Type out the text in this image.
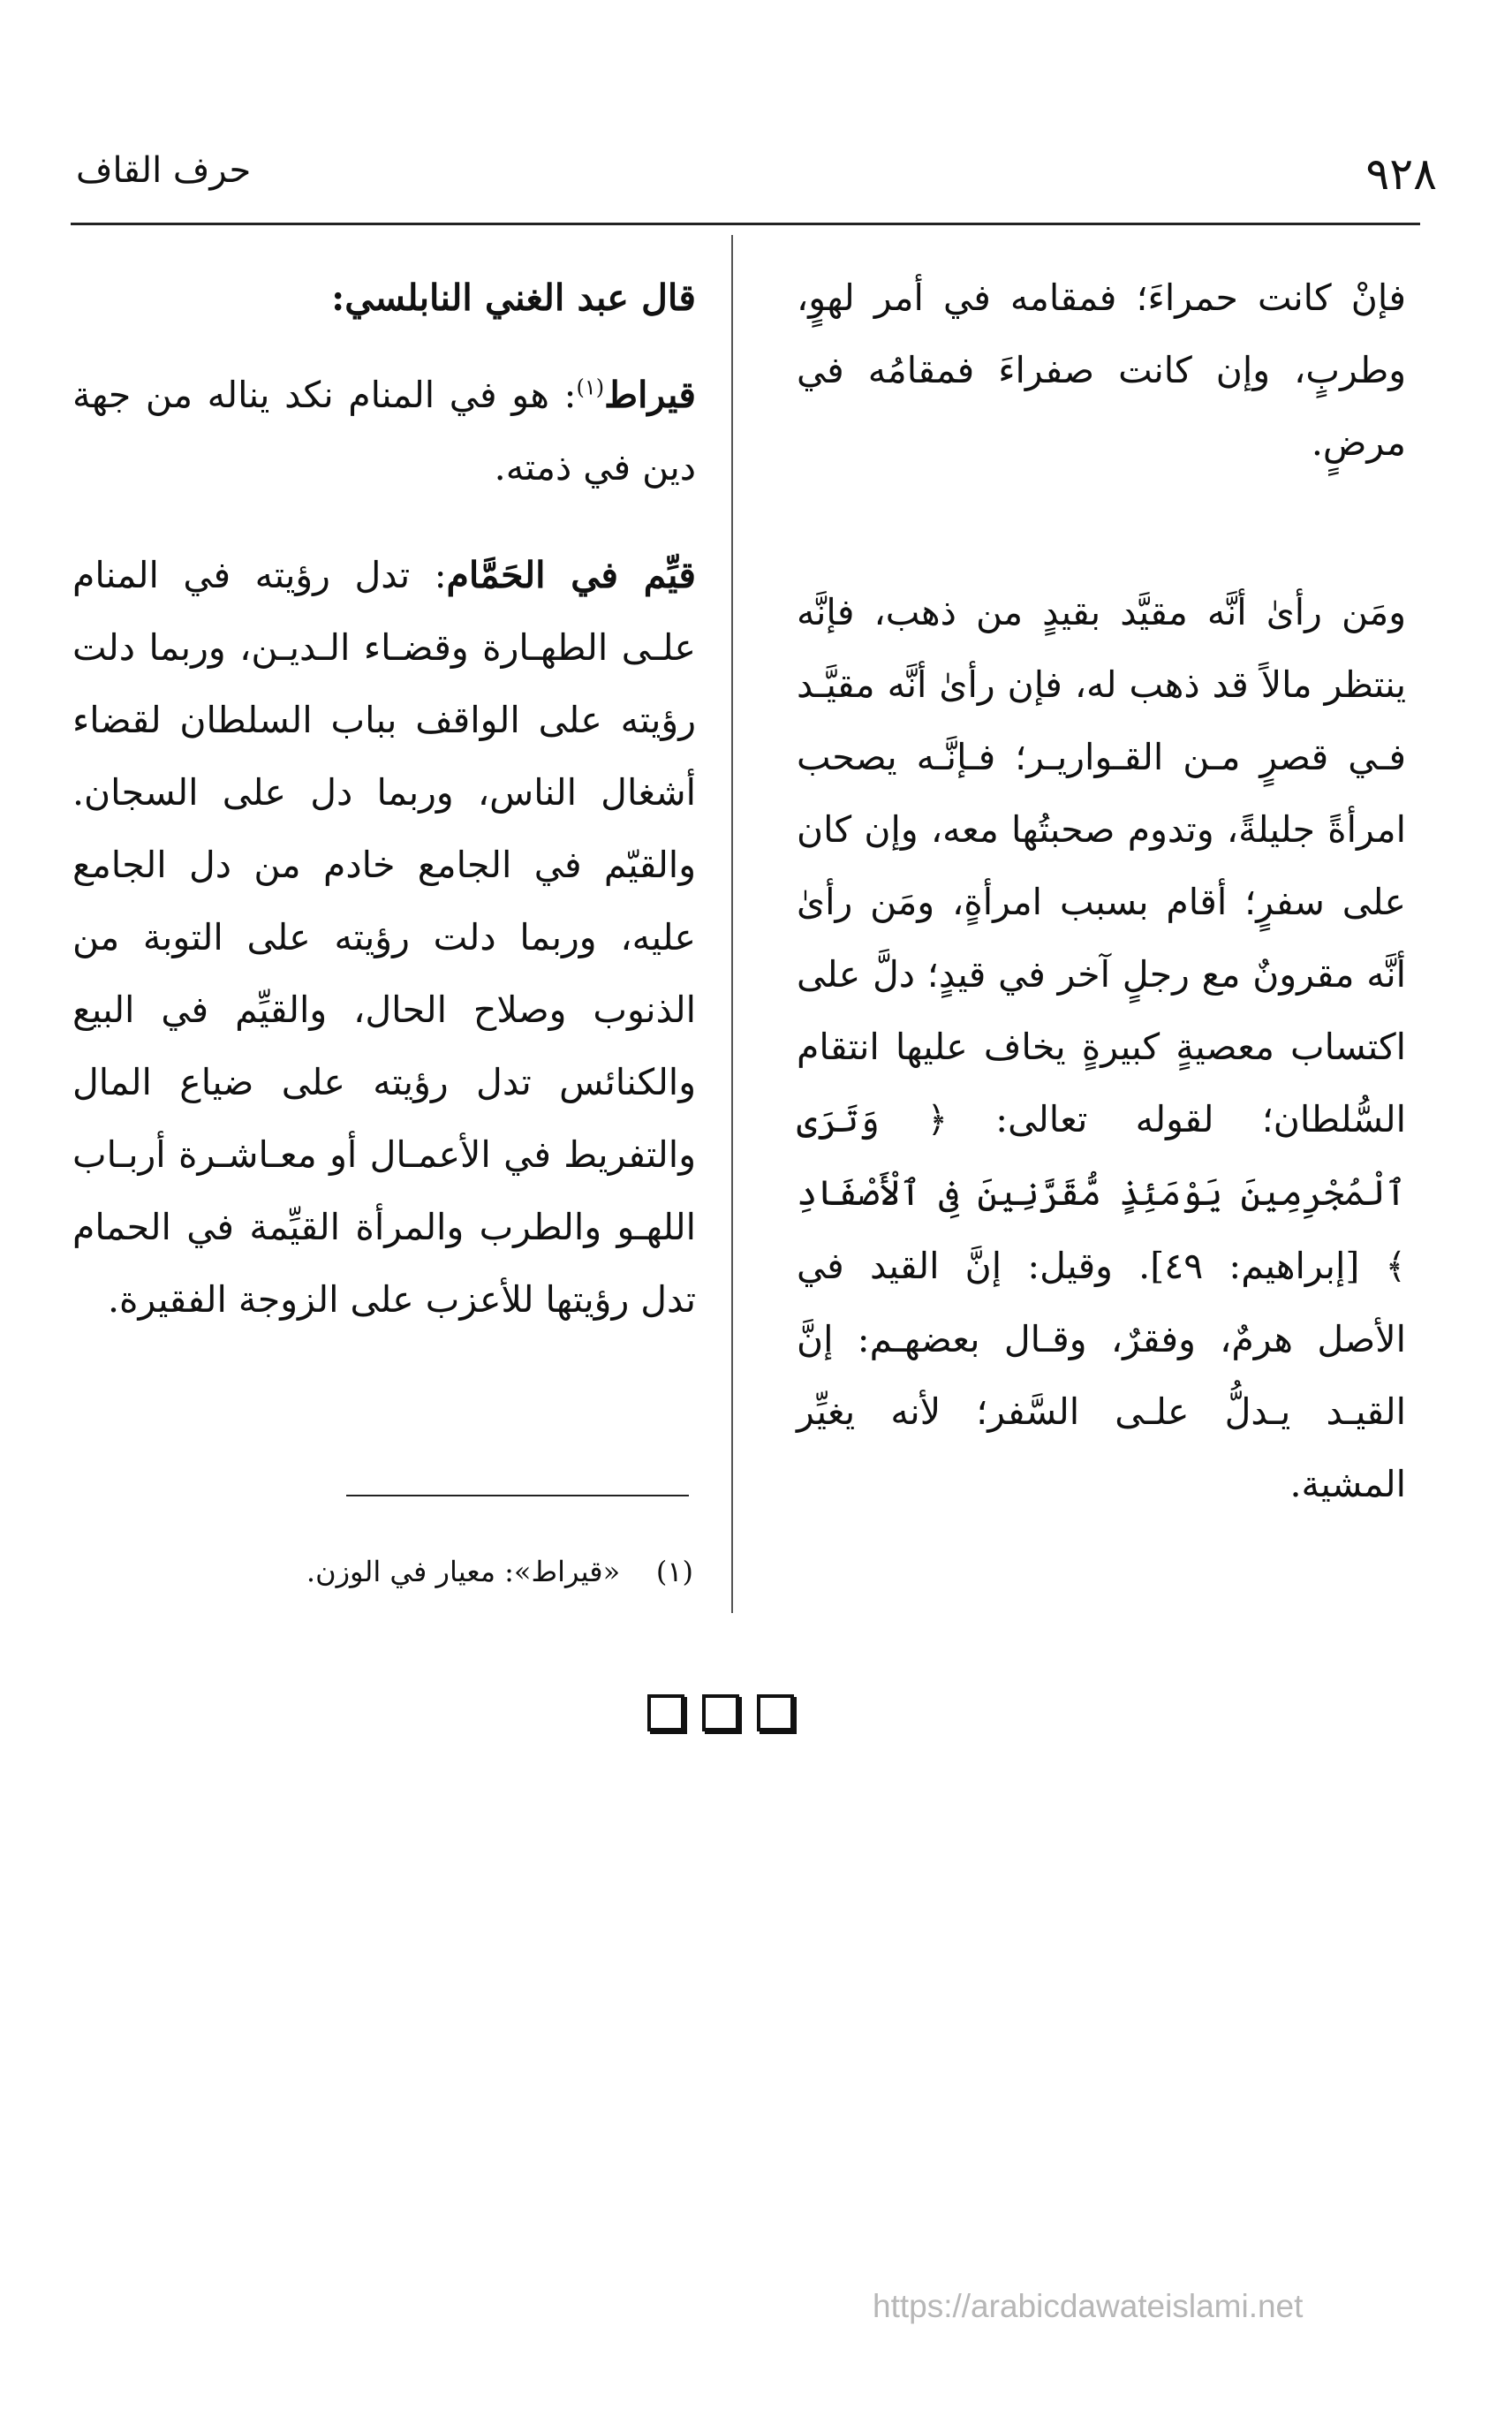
٩٢٨
حرف القاف

فإنْ كانت حمراءَ؛ فمقامه في أمر لهوٍ، وطربٍ، وإن كانت صفراءَ فمقامُه في مرضٍ.

ومَن رأىٰ أنَّه مقيَّد بقيدٍ من ذهب، فإنَّه ينتظر مالاً قد ذهب له، فإن رأىٰ أنَّه مقيَّـد فـي قصرٍ مـن القـواريـر؛ فـإنَّـه يصحب امرأةً جليلةً، وتدوم صحبتُها معه، وإن كان على سفرٍ؛ أقام بسبب امرأةٍ، ومَن رأىٰ أنَّه مقرونٌ مع رجلٍ آخر في قيدٍ؛ دلَّ على اكتساب معصيةٍ كبيرةٍ يخاف عليها انتقام السُّلطان؛ لقوله تعالى: ﴿ وَتَرَى ٱلْمُجْرِمِينَ يَوْمَئِذٍ مُّقَرَّنِينَ فِى ٱلْأَصْفَادِ ﴾ [إبراهيم: ٤٩]. وقيل: إنَّ القيد في الأصل هرمٌ، وفقرٌ، وقـال بعضهـم: إنَّ القيـد يـدلُّ علـى السَّفر؛ لأنه يغيِّر المشية.

قال عبد الغني النابلسي:

قيراط$^{(١)}$: هو في المنام نكد يناله من جهة دين في ذمته.

قيِّم في الحَمَّام: تدل رؤيته في المنام علـى الطهـارة وقضـاء الـديـن، وربما دلت رؤيته على الواقف بباب السلطان لقضاء أشغال الناس، وربما دل على السجان. والقيّم في الجامع خادم من دل الجامع عليه، وربما دلت رؤيته على التوبة من الذنوب وصلاح الحال، والقيِّم في البيع والكنائس تدل رؤيته على ضياع المال والتفريط في الأعمـال أو معـاشـرة أربـاب اللهـو والطرب والمرأة القيِّمة في الحمام تدل رؤيتها للأعزب على الزوجة الفقيرة.

(١)    «قيراط»: معيار في الوزن.
https://arabicdawateislami.net
